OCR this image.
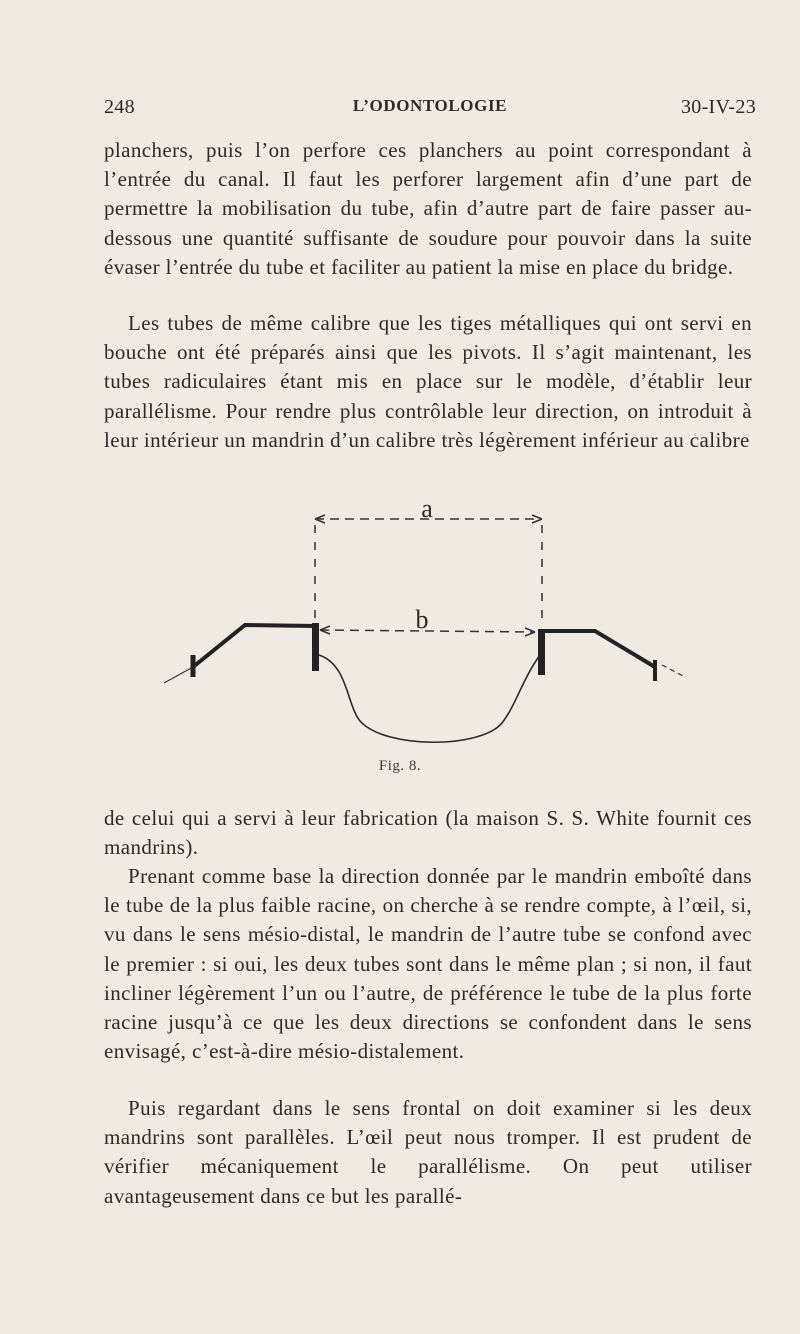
248	L’ODONTOLOGIE	30-IV-23

planchers, puis l’on perfore ces planchers au point correspondant à l’entrée du canal. Il faut les perforer largement afin d’une part de permettre la mobilisation du tube, afin d’autre part de faire passer au-dessous une quantité suffisante de soudure pour pouvoir dans la suite évaser l’entrée du tube et faciliter au patient la mise en place du bridge.

Les tubes de même calibre que les tiges métalliques qui ont servi en bouche ont été préparés ainsi que les pivots. Il s’agit maintenant, les tubes radiculaires étant mis en place sur le modèle, d’établir leur parallélisme. Pour rendre plus contrôlable leur direction, on introduit à leur intérieur un mandrin d’un calibre très légèrement inférieur au calibre

a
b
Fig. 8.

de celui qui a servi à leur fabrication (la maison S. S. White fournit ces mandrins).

Prenant comme base la direction donnée par le mandrin emboîté dans le tube de la plus faible racine, on cherche à se rendre compte, à l’œil, si, vu dans le sens mésio-distal, le mandrin de l’autre tube se confond avec le premier : si oui, les deux tubes sont dans le même plan ; si non, il faut incliner légèrement l’un ou l’autre, de préférence le tube de la plus forte racine jusqu’à ce que les deux directions se confondent dans le sens envisagé, c’est-à-dire mésio-distalement.

Puis regardant dans le sens frontal on doit examiner si les deux mandrins sont parallèles. L’œil peut nous tromper. Il est prudent de vérifier mécaniquement le parallélisme. On peut utiliser avantageusement dans ce but les parallé-
